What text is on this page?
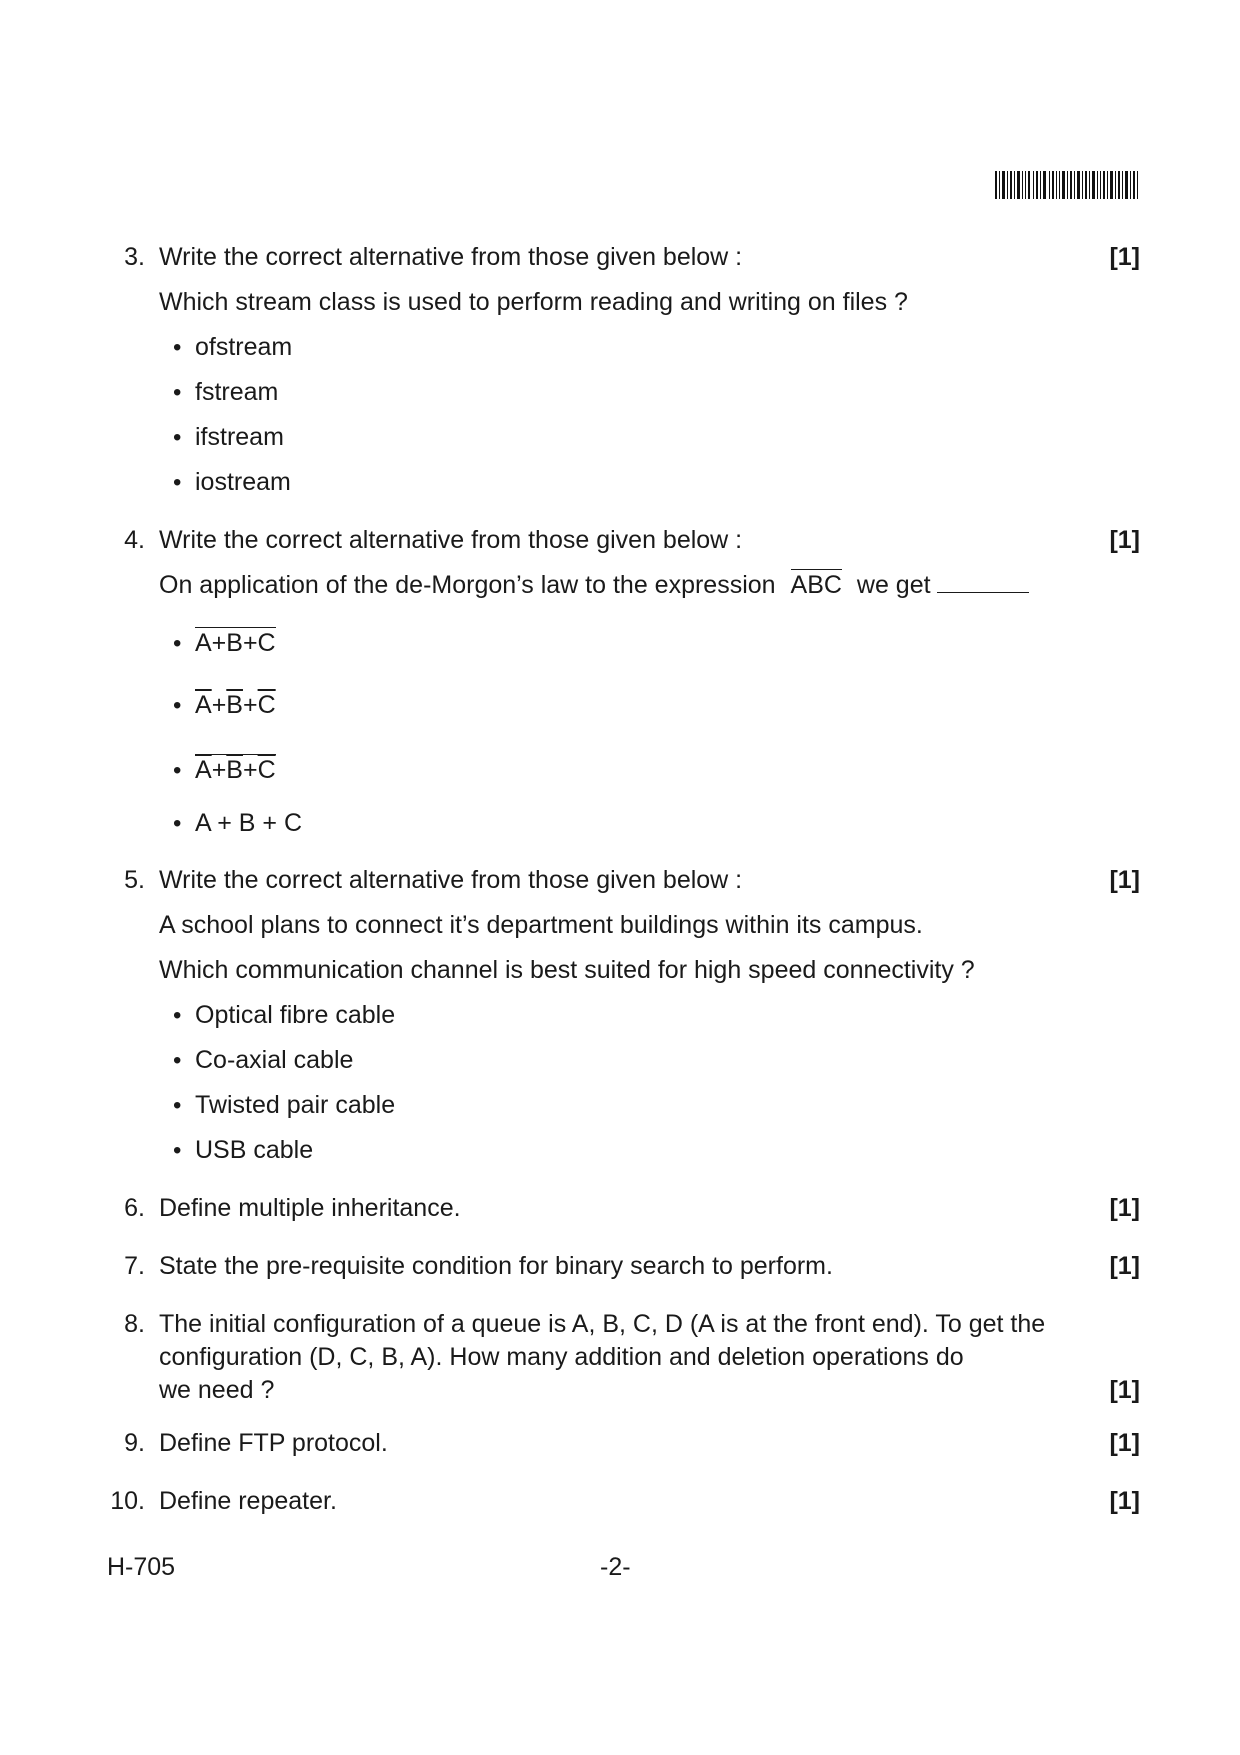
3. Write the correct alternative from those given below :	[1]
Which stream class is used to perform reading and writing on files ?
• ofstream
• fstream
• ifstream
• iostream
4. Write the correct alternative from those given below :	[1]
On application of the de-Morgon’s law to the expression ABC we get
• A+B+C
• $\overline{A}+\overline{B}+\overline{C}$
• $\overline{A}+\overline{B}+\overline{C}$
• A + B + C
5. Write the correct alternative from those given below :	[1]
A school plans to connect it’s department buildings within its campus.
Which communication channel is best suited for high speed connectivity ?
• Optical fibre cable
• Co-axial cable
• Twisted pair cable
• USB cable
6. Define multiple inheritance.	[1]
7. State the pre-requisite condition for binary search to perform.	[1]
8. The initial configuration of a queue is A, B, C, D (A is at the front end). To get the
configuration (D, C, B, A). How many addition and deletion operations do
we need ?	[1]
9. Define FTP protocol.	[1]
10. Define repeater.	[1]
H-705	-2-
